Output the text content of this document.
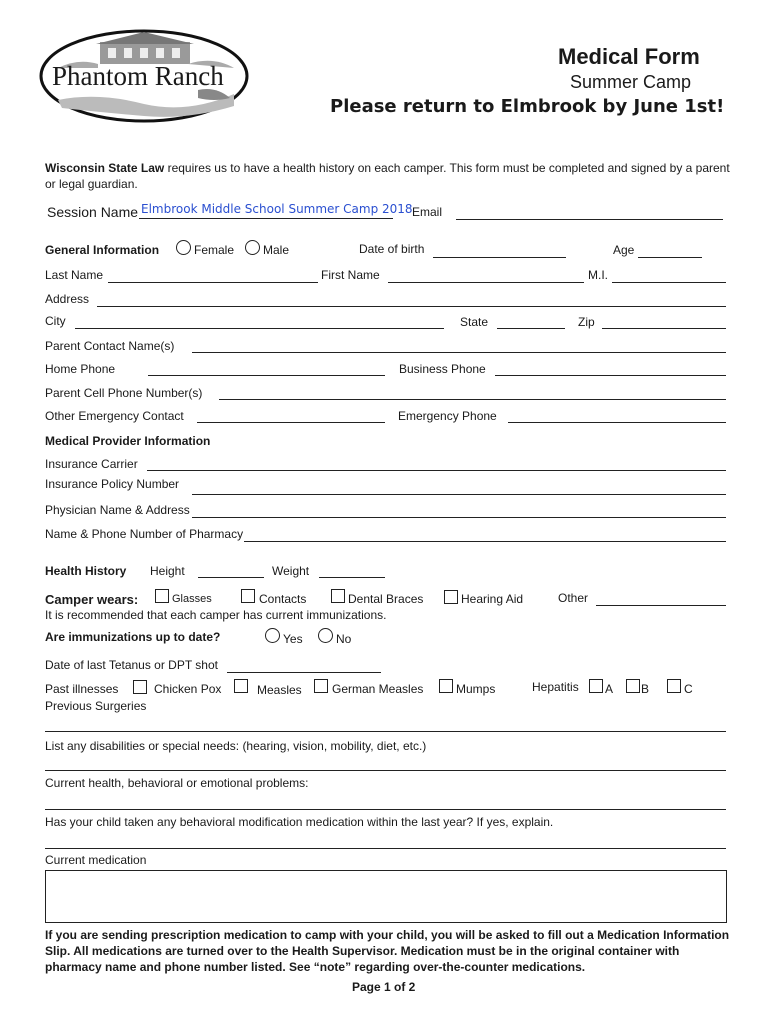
Phantom Ranch
Medical Form
Summer Camp
Please return to Elmbrook by June 1st!
Wisconsin State Law requires us to have a health history on each camper. This form must be completed and signed by a parent
or legal guardian.
Session Name Elmbrook Middle School Summer Camp 2018 Email
General Information	Female Male	Date of birth	Age
Last Name	First Name	M.I.
Address
City	State	Zip
Parent Contact Name(s)
Home Phone	Business Phone
Parent Cell Phone Number(s)
Other Emergency Contact	Emergency Phone
Medical Provider Information
Insurance Carrier
Insurance Policy Number
Physician Name & Address
Name & Phone Number of Pharmacy
Health History Height	Weight
Camper wears:	Glasses	Contacts	Dental Braces	Hearing Aid	Other
It is recommended that each camper has current immunizations.
Are immunizations up to date?	Yes	No
Date of last Tetanus or DPT shot
Past illnesses	Chicken Pox	Measles	German Measles	Mumps	Hepatitis A B	C
Previous Surgeries
List any disabilities or special needs: (hearing, vision, mobility, diet, etc.)
Current health, behavioral or emotional problems:
Has your child taken any behavioral modification medication within the last year? If yes, explain.
Current medication
If you are sending prescription medication to camp with your child, you will be asked to fill out a Medication Information
Slip. All medications are turned over to the Health Supervisor. Medication must be in the original container with
pharmacy name and phone number listed. See “note” regarding over-the-counter medications.
Page 1 of 2
